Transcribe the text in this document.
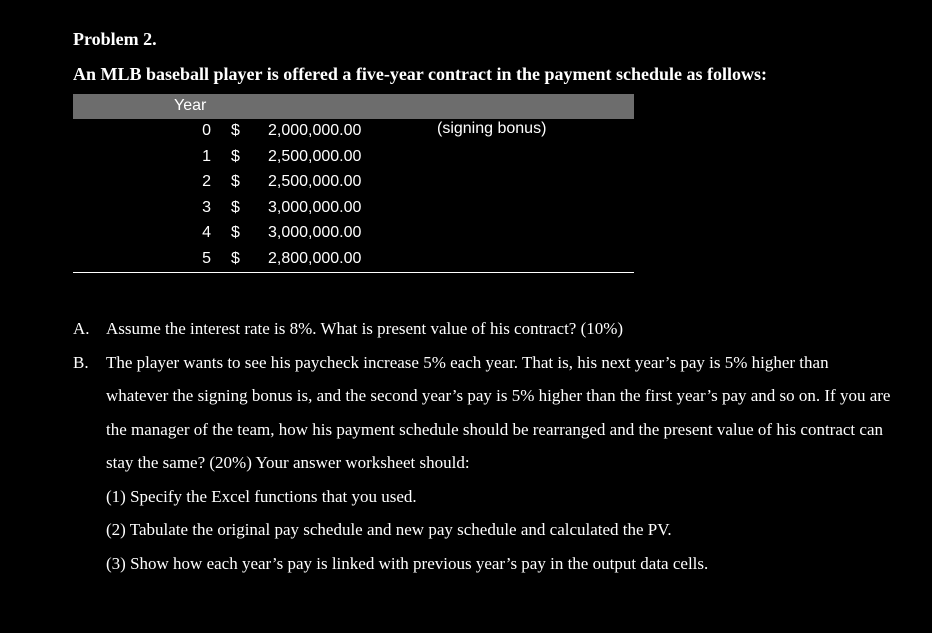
Problem 2.

An MLB baseball player is offered a five-year contract in the payment schedule as follows:

Year
0 $ 2,000,000.00	(signing bonus)
1 $ 2,500,000.00
2 $ 2,500,000.00
3 $ 3,000,000.00
4 $ 3,000,000.00
5 $ 2,800,000.00
A. Assume the interest rate is 8%. What is present value of his contract? (10%)
B. The player wants to see his paycheck increase 5% each year. That is, his next year’s pay is 5% higher than whatever the signing bonus is, and the second year’s pay is 5% higher than the first year’s pay and so on. If you are the manager of the team, how his payment schedule should be rearranged and the present value of his contract can stay the same? (20%) Your answer worksheet should:
(1) Specify the Excel functions that you used.
(2) Tabulate the original pay schedule and new pay schedule and calculated the PV.
(3) Show how each year’s pay is linked with previous year’s pay in the output data cells.
